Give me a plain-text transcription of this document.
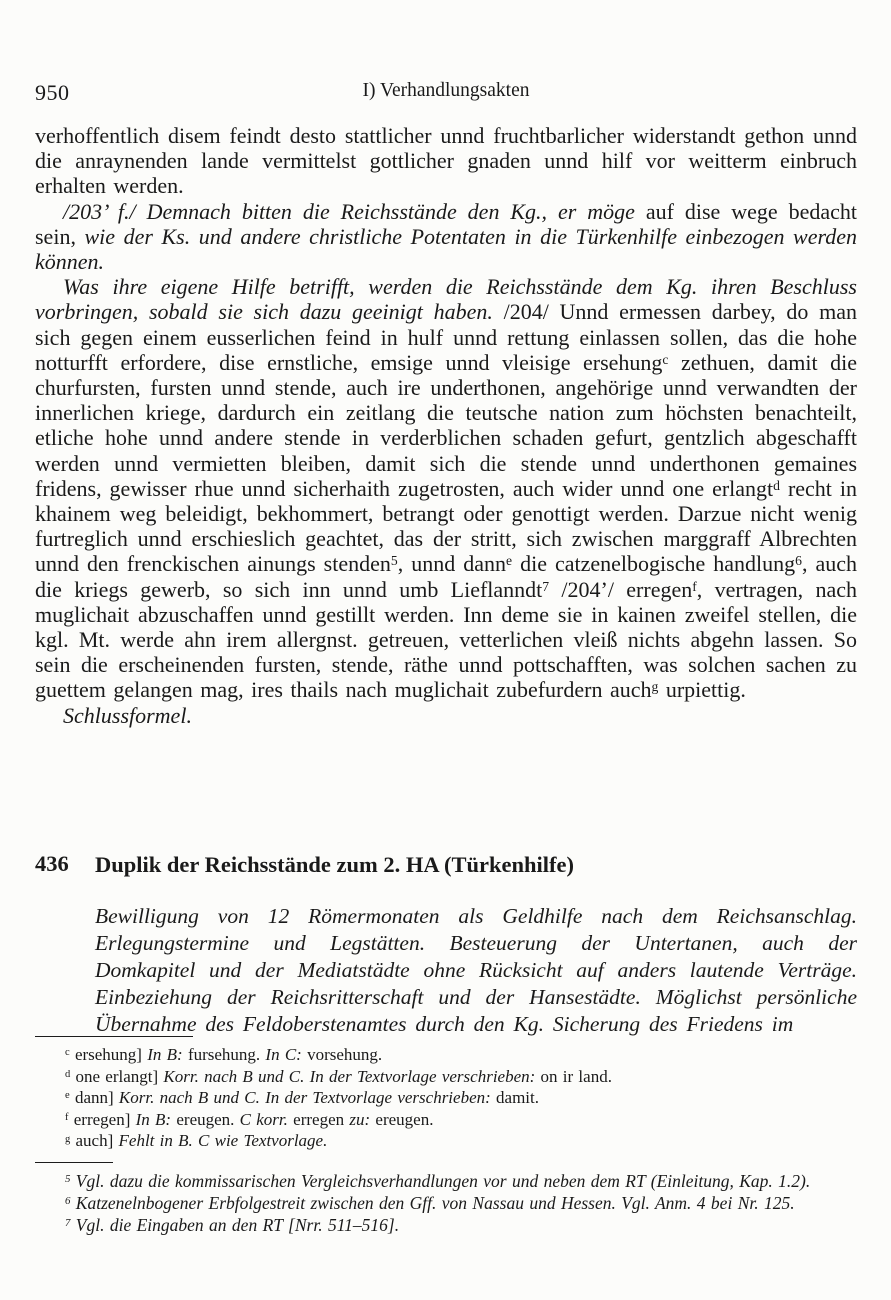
950	I) Verhandlungsakten

verhoffentlich disem feindt desto stattlicher unnd fruchtbarlicher widerstandt gethon unnd die anraynenden lande vermittelst gottlicher gnaden unnd hilf vor weitterm einbruch erhalten werden.

/203’ f./ Demnach bitten die Reichsstände den Kg., er möge auf dise wege bedacht sein, wie der Ks. und andere christliche Potentaten in die Türkenhilfe einbezogen werden können.

Was ihre eigene Hilfe betrifft, werden die Reichsstände dem Kg. ihren Beschluss vorbringen, sobald sie sich dazu geeinigt haben. /204/ Unnd ermessen darbey, do man sich gegen einem eusserlichen feind in hulf unnd rettung einlassen sollen, das die hohe notturfft erfordere, dise ernstliche, emsige unnd vleisige ersehung$^c$ zethuen, damit die churfursten, fursten unnd stende, auch ire underthonen, angehörige unnd verwandten der innerlichen kriege, dardurch ein zeitlang die teutsche nation zum höchsten benachteilt, etliche hohe unnd andere stende in verderblichen schaden gefurt, gentzlich abgeschafft werden unnd vermietten bleiben, damit sich die stende unnd underthonen gemaines fridens, gewisser rhue unnd sicherhaith zugetrosten, auch wider unnd one erlangt$^d$ recht in khainem weg beleidigt, bekhommert, betrangt oder genottigt werden. Darzue nicht wenig furtreglich unnd erschieslich geachtet, das der stritt, sich zwischen marggraff Albrechten unnd den frenckischen ainungs stenden$^5$, unnd dann$^e$ die catzenelbogische handlung$^6$, auch die kriegs gewerb, so sich inn unnd umb Lieflanndt$^7$ /204’/ erregen$^f$, vertragen, nach muglichait abzuschaffen unnd gestillt werden. Inn deme sie in kainen zweifel stellen, die kgl. Mt. werde ahn irem allergnst. getreuen, vetterlichen vleiß nichts abgehn lassen. So sein die erscheinenden fursten, stende, räthe unnd pottschafften, was solchen sachen zu guettem gelangen mag, ires thails nach muglichait zubefurdern auch$^g$ urpiettig.

Schlussformel.

436	Duplik der Reichsstände zum 2. HA (Türkenhilfe)

Bewilligung von 12 Römermonaten als Geldhilfe nach dem Reichsanschlag. Erlegungstermine und Legstätten. Besteuerung der Untertanen, auch der Domkapitel und der Mediatstädte ohne Rücksicht auf anders lautende Verträge. Einbeziehung der Reichsritterschaft und der Hansestädte. Möglichst persönliche Übernahme des Feldoberstenamtes durch den Kg. Sicherung des Friedens im

$^c$ ersehung] In B: fursehung. In C: vorsehung.

$^d$ one erlangt] Korr. nach B und C. In der Textvorlage verschrieben: on ir land.

$^e$ dann] Korr. nach B und C. In der Textvorlage verschrieben: damit.

$^f$ erregen] In B: ereugen. C korr. erregen zu: ereugen.

$^g$ auch] Fehlt in B. C wie Textvorlage.

$^5$ Vgl. dazu die kommissarischen Vergleichsverhandlungen vor und neben dem RT (Einleitung, Kap. 1.2).

$^6$ Katzenelnbogener Erbfolgestreit zwischen den Gff. von Nassau und Hessen. Vgl. Anm. 4 bei Nr. 125.

$^7$ Vgl. die Eingaben an den RT [Nrr. 511–516].
